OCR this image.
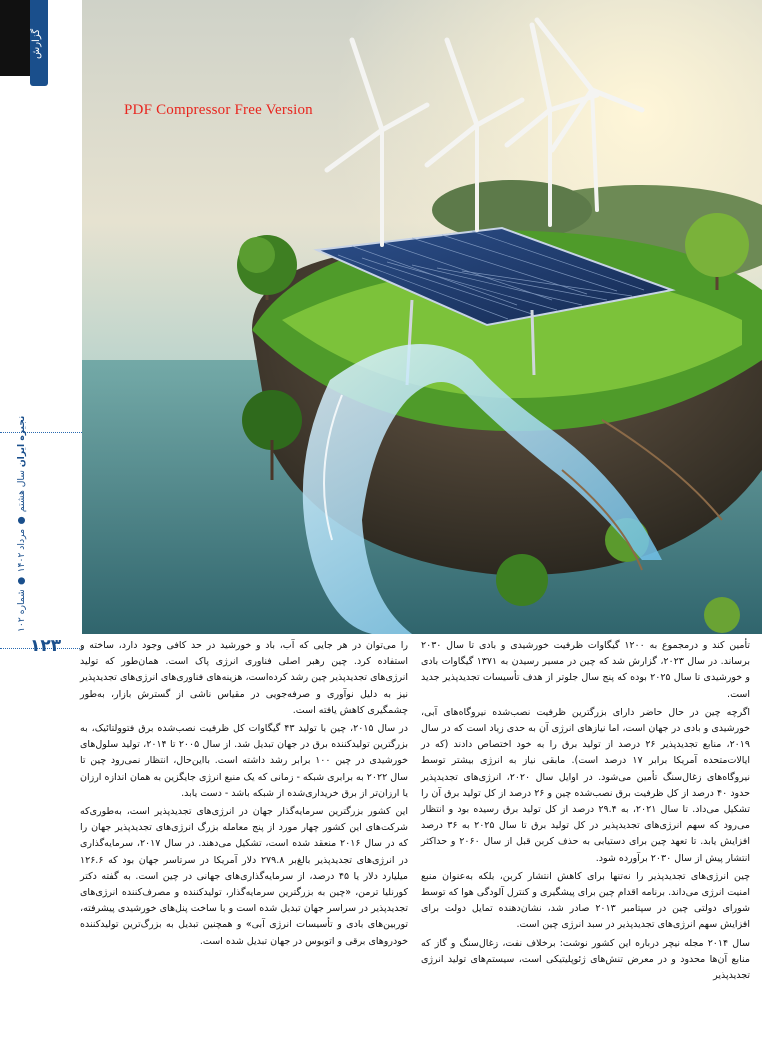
PDF Compressor Free Version
گزارش
نجیره ایران سال هشتم ● مرداد ۱۴۰۲ ● شماره ۱۰۲
۱۲۳	تأمین کند و درمجموع به ۱۲۰۰ گیگاوات ظرفیت خورشیدی و بادی تا سال ۲۰۳۰ برساند. در سال ۲۰۲۳، گزارش شد که چین در مسیر رسیدن به ۱۳۷۱ گیگاوات بادی و خورشیدی تا سال ۲۰۲۵ بوده که پنج سال جلوتر از هدف تأسیسات تجدیدپذیر جدید است.

اگرچه چین در حال حاضر دارای بزرگترین ظرفیت نصب‌شده نیروگاه‌های آبی، خورشیدی و بادی در جهان است، اما نیازهای انرژی آن به حدی زیاد است که در سال ۲۰۱۹، منابع تجدیدپذیر ۲۶ درصد از تولید برق را به خود اختصاص دادند (که در ایالات‌متحده آمریکا برابر ۱۷ درصد است). مابقی نیاز به انرژی بیشتر توسط نیروگاه‌های زغال‌سنگ تأمین می‌شود. در اوایل سال ۲۰۲۰، انرژی‌های تجدیدپذیر حدود ۴۰ درصد از کل ظرفیت برق نصب‌شده چین و ۲۶ درصد از کل تولید برق آن را تشکیل می‌داد. تا سال ۲۰۲۱، به ۲۹.۴ درصد از کل تولید برق رسیده بود و انتظار می‌رود که سهم انرژی‌های تجدیدپذیر در کل تولید برق تا سال ۲۰۲۵ به ۳۶ درصد افزایش یابد. تا تعهد چین برای دستیابی به حذف کربن قبل از سال ۲۰۶۰ و حداکثر انتشار پیش از سال ۲۰۳۰ برآورده شود.

چین انرژی‌های تجدیدپذیر را نه‌تنها برای کاهش انتشار کربن، بلکه به‌عنوان منبع امنیت انرژی می‌داند. برنامه اقدام چین برای پیشگیری و کنترل آلودگی هوا که توسط شورای دولتی چین در سپتامبر ۲۰۱۳ صادر شد، نشان‌دهنده تمایل دولت برای افزایش سهم انرژی‌های تجدیدپذیر در سبد انرژی چین است.

سال ۲۰۱۴ مجله نیچر درباره این کشور نوشت: برخلاف نفت، زغال‌سنگ و گاز که منابع آن‌ها محدود و در معرض تنش‌های ژئوپلیتیکی است، سیستم‌های تولید انرژی تجدیدپذیر

را می‌توان در هر جایی که آب، باد و خورشید در حد کافی وجود دارد، ساخته و استفاده کرد. چین رهبر اصلی فناوری انرژی پاک است. همان‌طور که تولید انرژی‌های تجدیدپذیر چین رشد کرده‌است، هزینه‌های فناوری‌های انرژی‌های تجدیدپذیر نیز به دلیل نوآوری و صرفه‌جویی در مقیاس ناشی از گسترش بازار، به‌طور چشمگیری کاهش یافته است.

در سال ۲۰۱۵، چین با تولید ۴۳ گیگاوات کل ظرفیت نصب‌شده برق فتوولتائیک، به بزرگترین تولیدکننده برق در جهان تبدیل شد. از سال ۲۰۰۵ تا ۲۰۱۴، تولید سلول‌های خورشیدی در چین ۱۰۰ برابر رشد داشته است. بااین‌حال، انتظار نمی‌رود چین تا سال ۲۰۲۲ به برابری شبکه - زمانی که یک منبع انرژی جایگزین به همان اندازه ارزان یا ارزان‌تر از برق خریداری‌شده از شبکه باشد - دست یابد.

این کشور بزرگترین سرمایه‌گذار جهان در انرژی‌های تجدیدپذیر است، به‌طوری‌که شرکت‌های این کشور چهار مورد از پنج معامله بزرگ انرژی‌های تجدیدپذیر جهان را که در سال ۲۰۱۶ منعقد شده است، تشکیل می‌دهند. در سال ۲۰۱۷، سرمایه‌گذاری در انرژی‌های تجدیدپذیر بالغ‌بر ۲۷۹.۸ دلار آمریکا در سرتاسر جهان بود که ۱۲۶.۶ میلیارد دلار یا ۴۵ درصد، از سرمایه‌گذاری‌های جهانی در چین است. به گفته دکتر کورنلیا ترمن، «چین به بزرگترین سرمایه‌گذار، تولیدکننده و مصرف‌کننده انرژی‌های تجدیدپذیر در سراسر جهان تبدیل شده است و با ساخت پنل‌های خورشیدی پیشرفته، توربین‌های بادی و تأسیسات انرژی آبی» و همچنین تبدیل به بزرگ‌ترین تولیدکننده خودروهای برقی و اتوبوس در جهان تبدیل شده است.
